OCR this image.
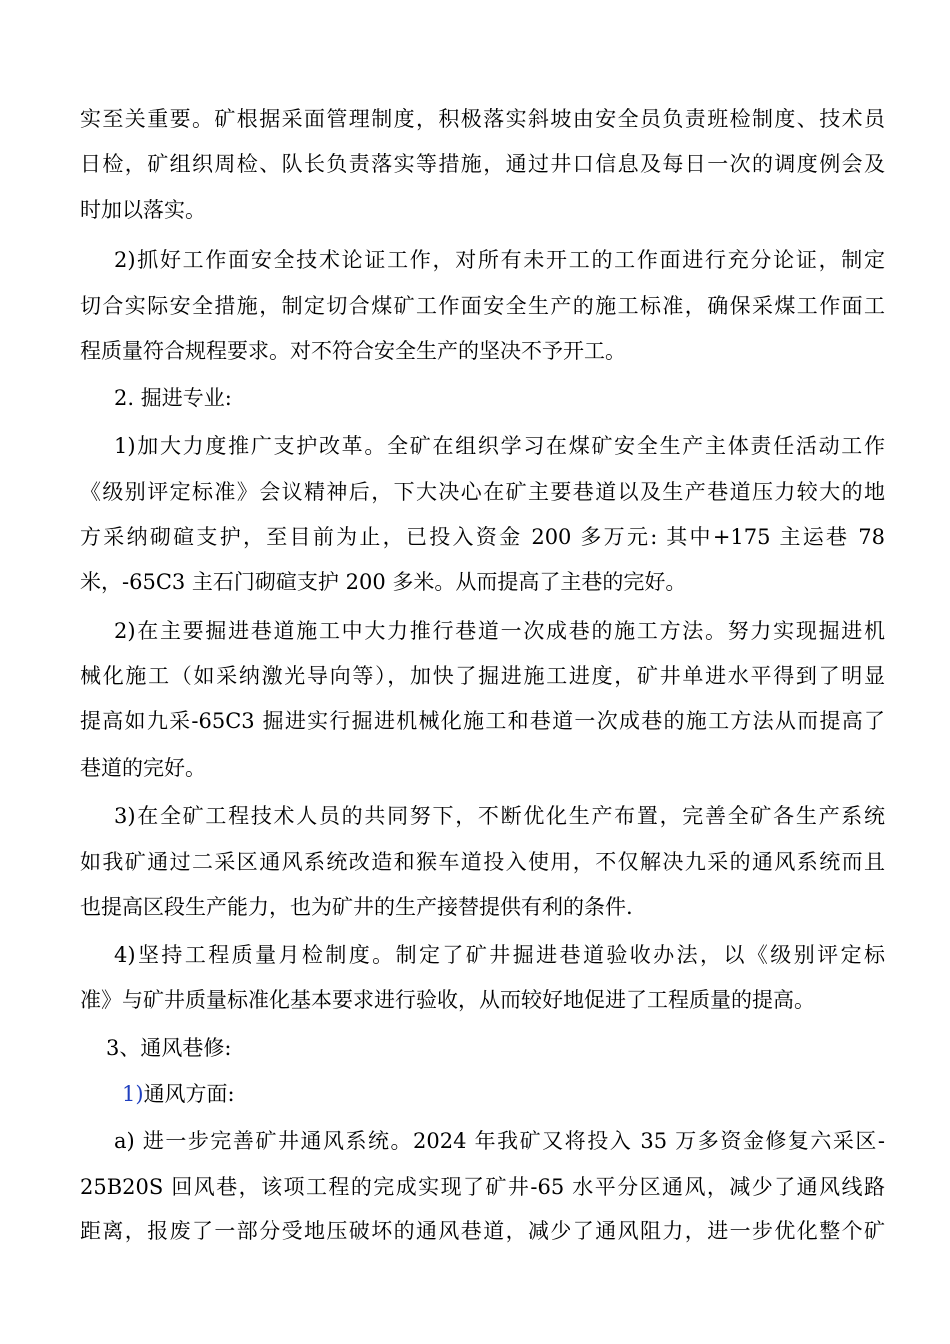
实至关重要。矿根据采面管理制度，积极落实斜坡由安全员负责班检制度、技术员
日检，矿组织周检、队长负责落实等措施，通过井口信息及每日一次的调度例会及
时加以落实。
2)抓好工作面安全技术论证工作，对所有未开工的工作面进行充分论证，制定
切合实际安全措施，制定切合煤矿工作面安全生产的施工标准，确保采煤工作面工
程质量符合规程要求。对不符合安全生产的坚决不予开工。
2. 掘进专业:
1)加大力度推广支护改革。全矿在组织学习在煤矿安全生产主体责任活动工作
《级别评定标准》会议精神后，下大决心在矿主要巷道以及生产巷道压力较大的地
方采纳砌碹支护，至目前为止，已投入资金 200 多万元: 其中+175 主运巷 78
米，-65C3 主石门砌碹支护 200 多米。从而提高了主巷的完好。
2)在主要掘进巷道施工中大力推行巷道一次成巷的施工方法。努力实现掘进机
械化施工（如采纳激光导向等），加快了掘进施工进度，矿井单进水平得到了明显
提高如九采-65C3 掘进实行掘进机械化施工和巷道一次成巷的施工方法从而提高了
巷道的完好。
3)在全矿工程技术人员的共同努下，不断优化生产布置，完善全矿各生产系统
如我矿通过二采区通风系统改造和猴车道投入使用，不仅解决九采的通风系统而且
也提高区段生产能力，也为矿井的生产接替提供有利的条件.
4)坚持工程质量月检制度。制定了矿井掘进巷道验收办法，以《级别评定标
准》与矿井质量标准化基本要求进行验收，从而较好地促进了工程质量的提高。
3、通风巷修:
1)通风方面:
a) 进一步完善矿井通风系统。2024 年我矿又将投入 35 万多资金修复六采区-
25B20S 回风巷，该项工程的完成实现了矿井-65 水平分区通风，减少了通风线路
距离，报废了一部分受地压破坏的通风巷道，减少了通风阻力，进一步优化整个矿
